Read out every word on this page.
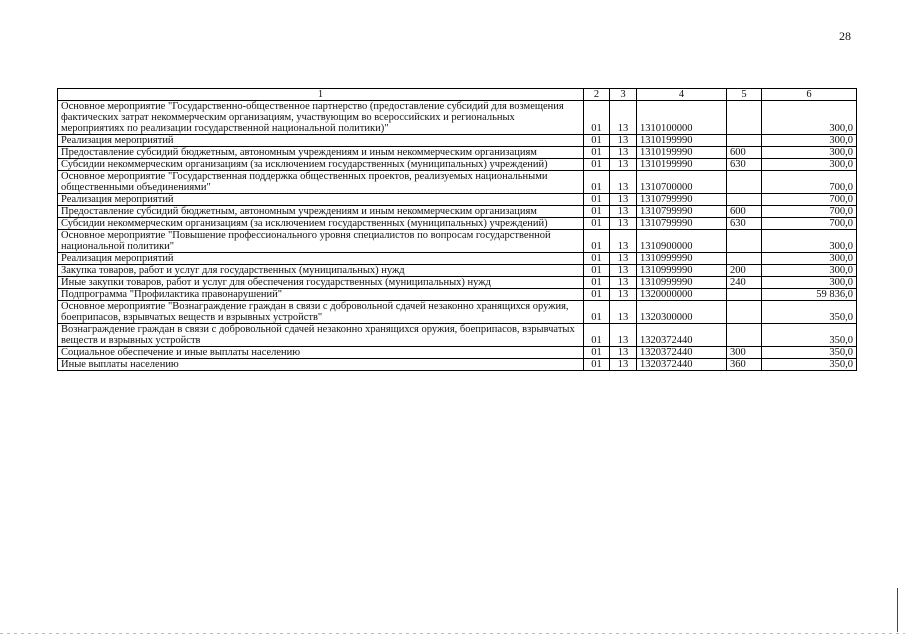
28
1	2	3	4	5	6
Основное мероприятие "Государственно-общественное партнерство (предоставление субсидий для возмещения фактических затрат некоммерческим организациям, участвующим во всероссийских и региональных мероприятиях по реализации государственной национальной политики)"	01	13	1310100000		300,0
Реализация мероприятий	01	13	1310199990		300,0
Предоставление субсидий бюджетным, автономным учреждениям и иным некоммерческим организациям	01	13	1310199990	600	300,0
Субсидии некоммерческим организациям (за исключением государственных (муниципальных) учреждений)	01	13	1310199990	630	300,0
Основное мероприятие "Государственная поддержка общественных проектов, реализуемых национальными общественными объединениями"	01	13	1310700000		700,0
Реализация мероприятий	01	13	1310799990		700,0
Предоставление субсидий бюджетным, автономным учреждениям и иным некоммерческим организациям	01	13	1310799990	600	700,0
Субсидии некоммерческим организациям (за исключением государственных (муниципальных) учреждений)	01	13	1310799990	630	700,0
Основное мероприятие "Повышение профессионального уровня специалистов по вопросам государственной национальной политики"	01	13	1310900000		300,0
Реализация мероприятий	01	13	1310999990		300,0
Закупка товаров, работ и услуг для государственных (муниципальных) нужд	01	13	1310999990	200	300,0
Иные закупки товаров, работ и услуг для обеспечения государственных (муниципальных) нужд	01	13	1310999990	240	300,0
Подпрограмма "Профилактика правонарушений"	01	13	1320000000		59 836,0
Основное мероприятие "Вознаграждение граждан в связи с добровольной сдачей незаконно хранящихся оружия, боеприпасов, взрывчатых веществ и взрывных устройств"	01	13	1320300000		350,0
Вознаграждение граждан в связи с добровольной сдачей незаконно хранящихся оружия, боеприпасов, взрывчатых веществ и взрывных устройств	01	13	1320372440		350,0
Социальное обеспечение и иные выплаты населению	01	13	1320372440	300	350,0
Иные выплаты населению	01	13	1320372440	360	350,0
